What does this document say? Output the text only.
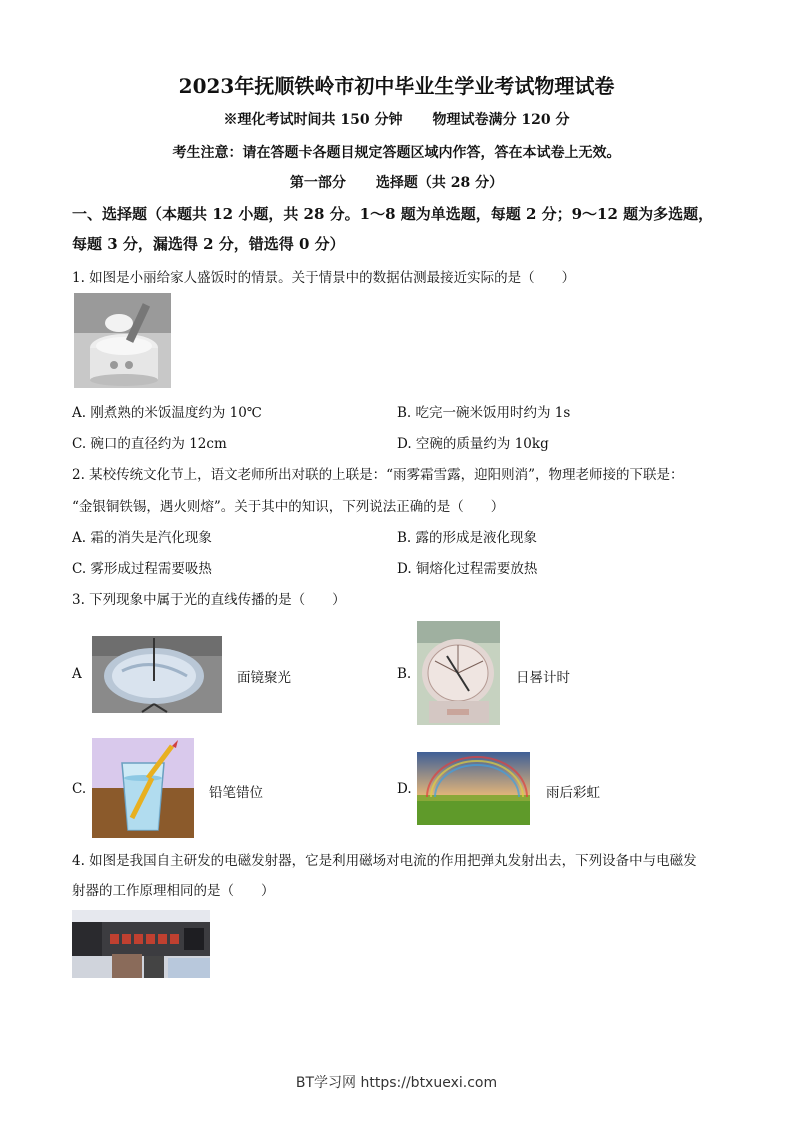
2023年抚顺铁岭市初中毕业生学业考试物理试卷
※理化考试时间共 150 分钟 物理试卷满分 120 分
考生注意：请在答题卡各题目规定答题区域内作答，答在本试卷上无效。
第一部分 选择题（共 28 分）
一、选择题（本题共 12 小题，共 28 分。1～8 题为单选题，每题 2 分；9～12 题为多选题，
每题 3 分，漏选得 2 分，错选得 0 分）
1. 如图是小丽给家人盛饭时的情景。关于情景中的数据估测最接近实际的是（　　）
A. 刚煮熟的米饭温度约为 10℃	B. 吃完一碗米饭用时约为 1s
C. 碗口的直径约为 12cm	D. 空碗的质量约为 10kg
2. 某校传统文化节上，语文老师所出对联的上联是：“雨雾霜雪露，迎阳则消”，物理老师接的下联是：
“金银铜铁锡，遇火则熔”。关于其中的知识，下列说法正确的是（　　）
A. 霜的消失是汽化现象	B. 露的形成是液化现象
C. 雾形成过程需要吸热	D. 铜熔化过程需要放热
3. 下列现象中属于光的直线传播的是（　　）
A	面镜聚光	B.	日晷计时
C.	铅笔错位	D.	雨后彩虹
4. 如图是我国自主研发的电磁发射器，它是利用磁场对电流的作用把弹丸发射出去，下列设备中与电磁发
射器的工作原理相同的是（　　）
BT学习网 https://btxuexi.com
